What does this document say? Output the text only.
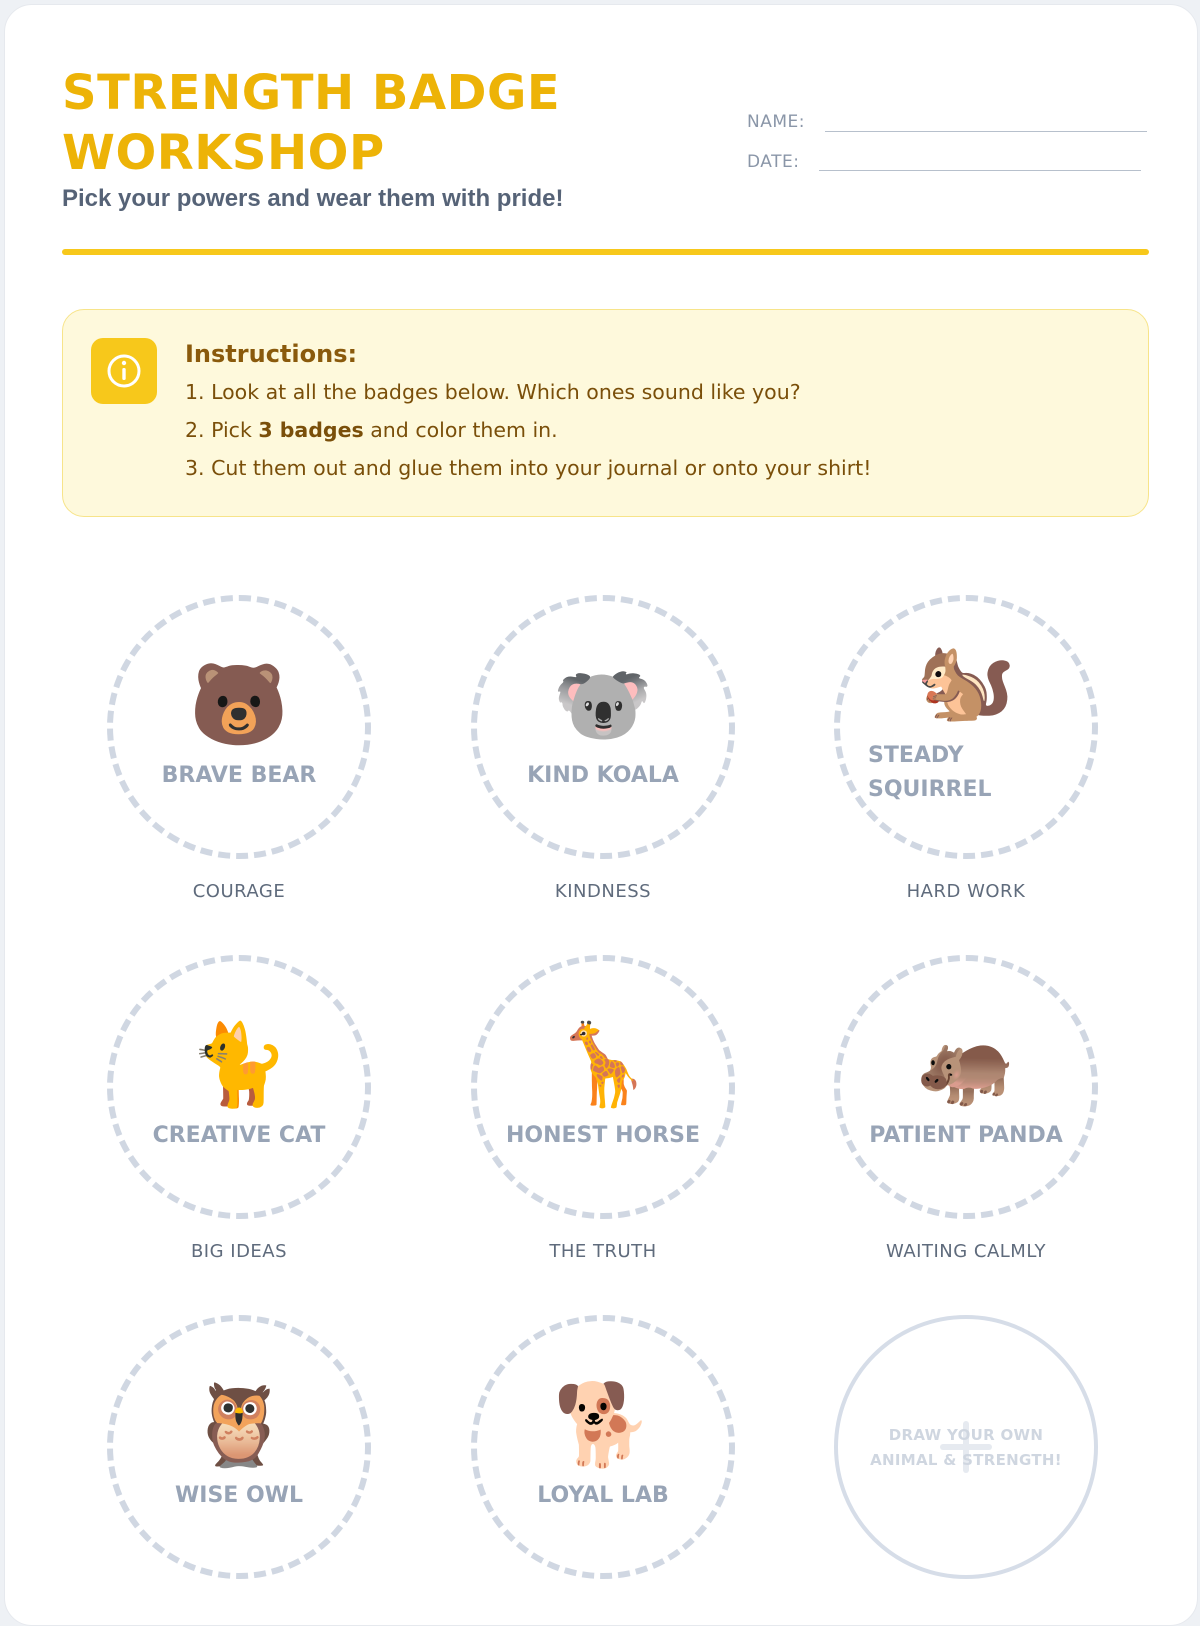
STRENGTH BADGE WORKSHOP
Pick your powers and wear them with pride!
NAME:
DATE:
Instructions:
1. Look at all the badges below. Which ones sound like you?
2. Pick 3 badges and color them in.
3. Cut them out and glue them into your journal or onto your shirt!
🐻
BRAVE BEAR
COURAGE
🐨
KIND KOALA
KINDNESS
🐿️
STEADY
SQUIRREL
HARD WORK
🐈
CREATIVE CAT
BIG IDEAS
🦒
HONEST HORSE
THE TRUTH
🦛
PATIENT PANDA
WAITING CALMLY
🦉
WISE OWL
🐕
LOYAL LAB
DRAW YOUR OWN
ANIMAL & STRENGTH!
